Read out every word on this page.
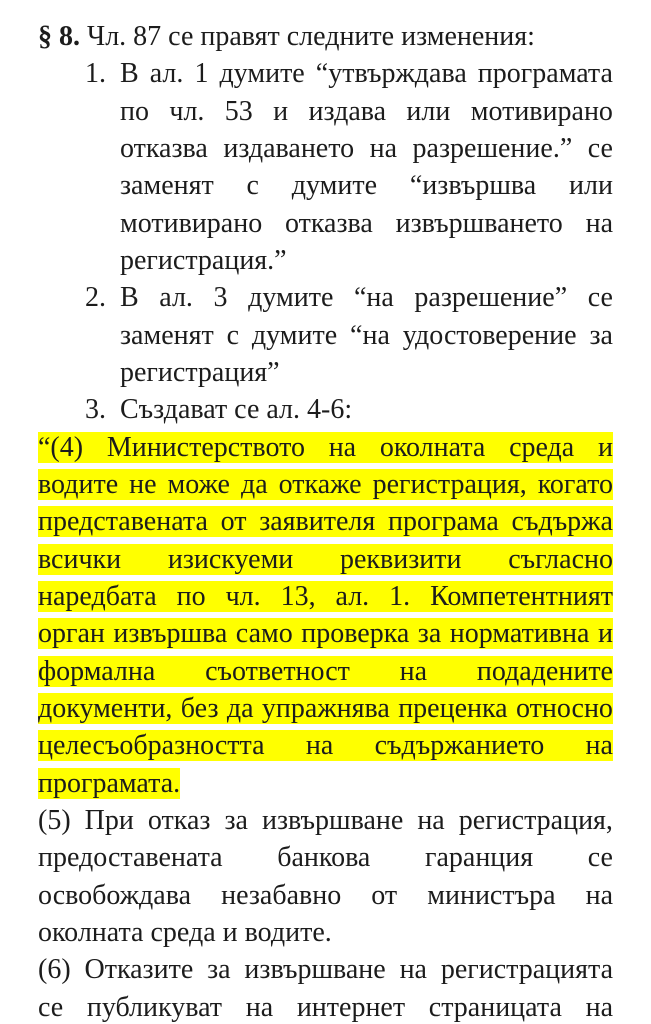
§ 8. Чл. 87 се правят следните изменения:

1. В ал. 1 думите “утвърждава програмата
по чл. 53 и издава или мотивирано
отказва издаването на разрешение.” се
заменят с думите “извършва или
мотивирано отказва извършването на
регистрация.”
2. В ал. 3 думите “на разрешение” се
заменят с думите “на удостоверение за
регистрация”
3. Създават се ал. 4-6:
“(4) Министерството на околната среда и
водите не може да откаже регистрация, когато
представената от заявителя програма съдържа
всички изискуеми реквизити съгласно
наредбата по чл. 13, ал. 1. Компетентният
орган извършва само проверка за нормативна и
формална съответност на подадените
документи, без да упражнява преценка относно
целесъобразността на съдържанието на
програмата.
(5) При отказ за извършване на регистрация,
предоставената банкова гаранция се
освобождава незабавно от министъра на
околната среда и водите.
(6) Отказите за извършване на регистрацията
се публикуват на интернет страницата на
